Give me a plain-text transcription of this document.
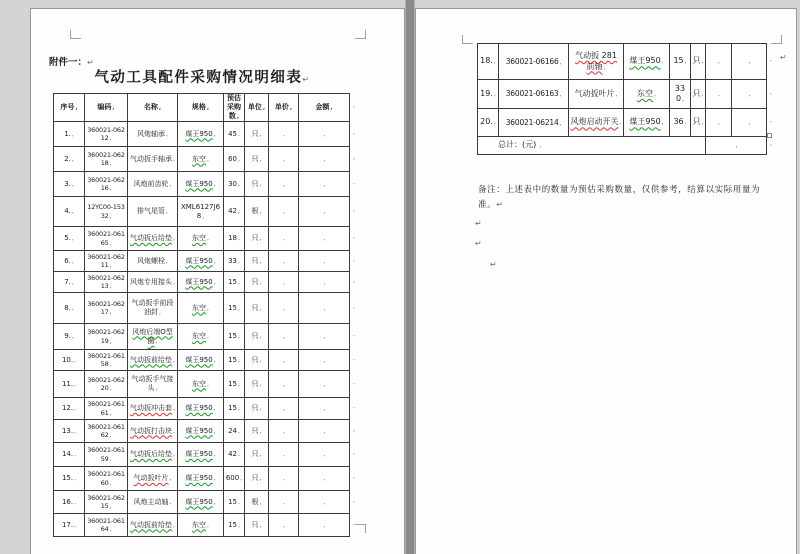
附件一：↵
气动工具配件采购情况明细表↵
序号 ,	编码 ,	名称 ,	规格 ,	预估采购数 ,	单位 ,	单价 ,	金额 ,
1. ,	360021-06212 ,	风炮轴承 ,	煤王950 ,	45 ,	只 ,	,	,
2. ,	360021-06218 ,	气动扳手轴承 ,	东空 ,	60 ,	只 ,	,	,
3. ,	360021-06216 ,	风炮前齿轮 ,	煤王950 ,	30 ,	只 ,	,	,
4. ,	12YC00-15332 ,	排气尾管 ,	XML6127J68 ,	42 ,	根 ,	,	,
5. ,	360021-06165 ,	气动扳后给垫 ,	东空 ,	18 ,	只 ,	,	,
6. ,	360021-06211 ,	风炮螺栓 ,	煤王950 ,	33 ,	只 ,	,	,
7. ,	360021-06213 ,	风炮专用接头 ,	煤王950 ,	15 ,	只 ,	,	,
8. ,	360021-06217 ,	气动扳手前段油封 ,	东空 ,	15 ,	只 ,	,	,
9. ,	360021-06219 ,	风炮后端O型圈 ,	东空 ,	15 ,	只 ,	,	,
10. ,	360021-06158 ,	气动扳前给垫 ,	煤王950 ,	15 ,	只 ,	,	,
11. ,	360021-06220 ,	气动扳手气接头 ,	东空 ,	15 ,	只 ,	,	,
12. ,	360021-06161 ,	气动扳冲击套 ,	煤王950 ,	15 ,	只 ,	,	,
13. ,	360021-06162 ,	气动扳打击块 ,	煤王950 ,	24 ,	只 ,	,	,
14. ,	360021-06159 ,	气动扳后给垫 ,	煤王950 ,	42 ,	只 ,	,	,
15. ,	360021-06160 ,	气动扳叶片 ,	煤王950 ,	600 ,	只 ,	,	,
16. ,	360021-06215 ,	风炮主动轴 ,	煤王950 ,	15 ,	根 ,	,	,
17. ,	360021-06164 ,	气动扳前给垫 ,	东空 ,	15 ,	只 ,	,	,
,
,
,
,
,
,
,
,
,
,
,
,
,
,
,
,
,
,
18. ,	360021-06166 ,	气动扳 281 前轴 ,	煤王950 ,	15 ,	只 ,	,	,
19. ,	360021-06163 ,	气动扳叶片 ,	东空 ,	330 ,	只 ,	,	,
20. ,	360021-06214 ,	风炮启动开关 ,	煤王950 ,	36 ,	只 ,	,	,
总计：(元) ,	,
备注：上述表中的数量为预估采购数量，仅供参考，结算以实际用量为准。↵
↵
↵
↵
↵
,
,
,
,
